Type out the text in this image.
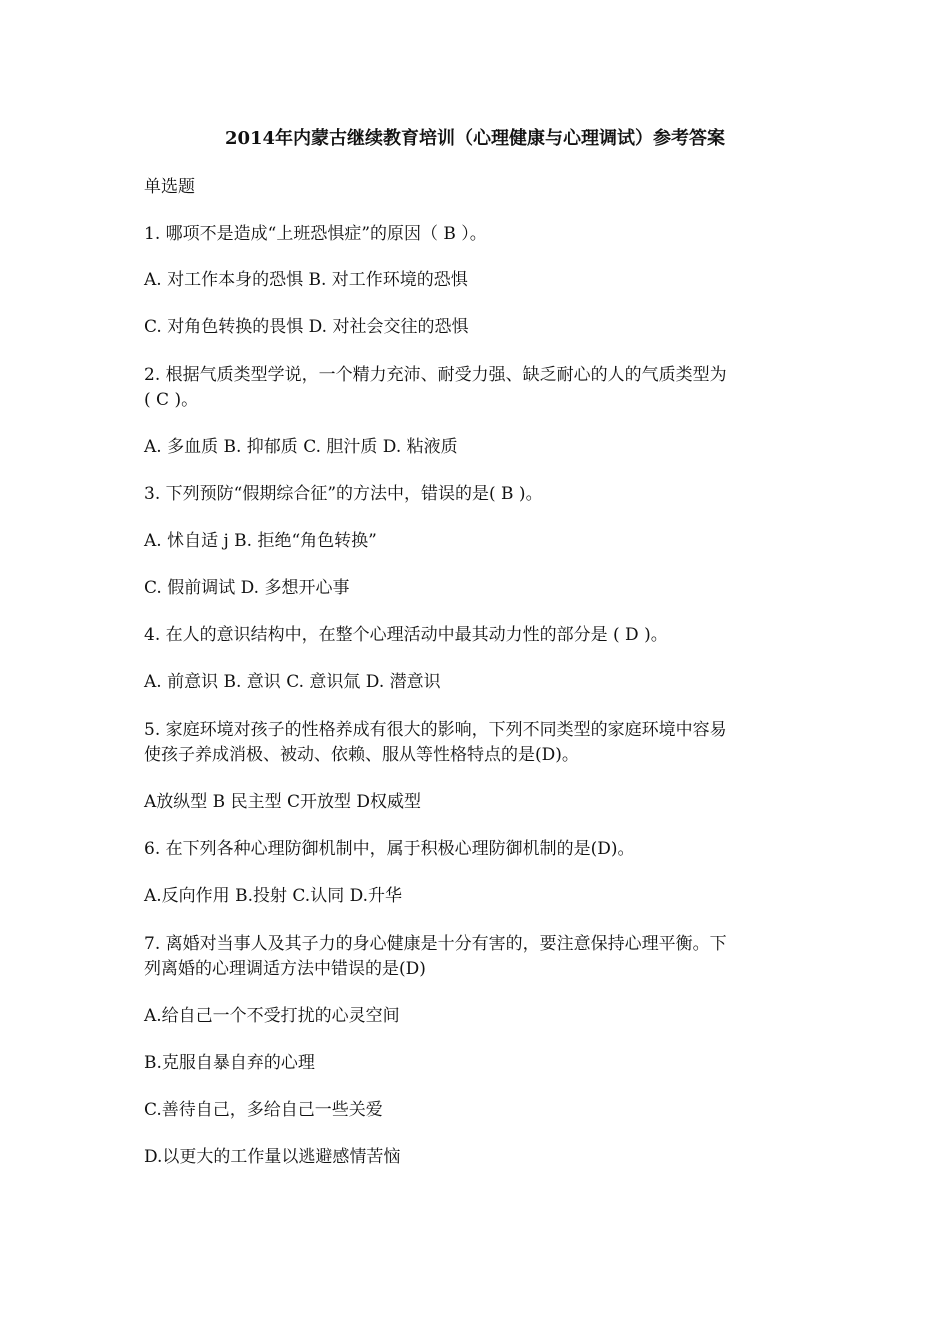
2014年内蒙古继续教育培训（心理健康与心理调试）参考答案
单选题
1. 哪项不是造成“上班恐惧症”的原因（ B ）。
A. 对工作本身的恐惧 B. 对工作环境的恐惧
C. 对角色转换的畏惧 D. 对社会交往的恐惧
2. 根据气质类型学说，一个精力充沛、耐受力强、缺乏耐心的人的气质类型为
( C )。
A. 多血质 B. 抑郁质 C. 胆汁质 D. 粘液质
3. 下列预防“假期综合征”的方法中，错误的是( B )。
A. 怵自适 j B. 拒绝“角色转换”
C. 假前调试 D. 多想开心事
4. 在人的意识结构中，在整个心理活动中最其动力性的部分是 ( D )。
A. 前意识 B. 意识 C. 意识氚 D. 潜意识
5. 家庭环境对孩子的性格养成有很大的影响，下列不同类型的家庭环境中容易
使孩子养成消极、被动、依赖、服从等性格特点的是(D)。
A放纵型 B 民主型 C开放型 D权威型
6. 在下列各种心理防御机制中，属于积极心理防御机制的是(D)。
A.反向作用 B.投射 C.认同 D.升华
7. 离婚对当事人及其子力的身心健康是十分有害的，要注意保持心理平衡。下
列离婚的心理调适方法中错误的是(D)
A.给自己一个不受打扰的心灵空间
B.克服自暴自弃的心理
C.善待自己，多给自己一些关爱
D.以更大的工作量以逃避感情苦恼
